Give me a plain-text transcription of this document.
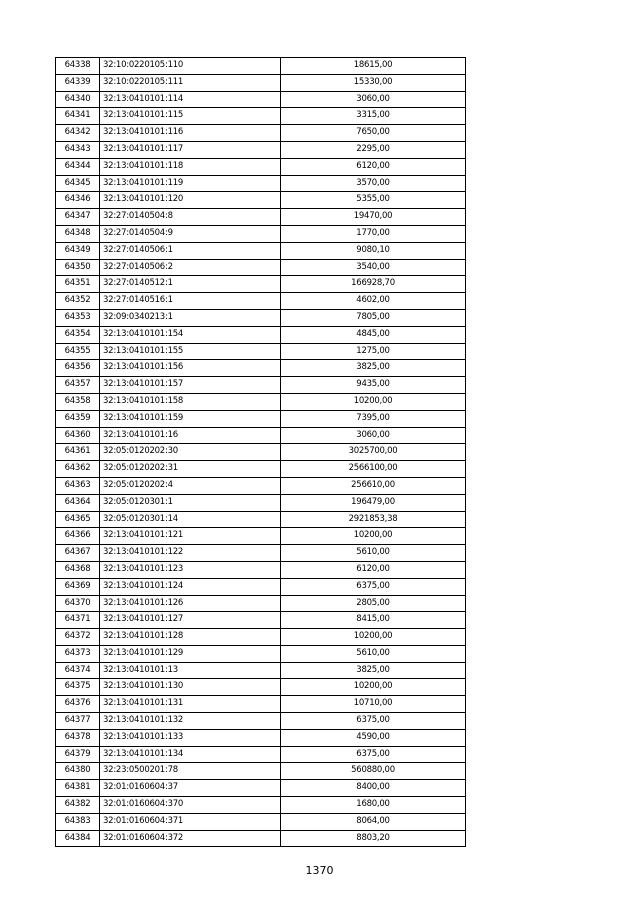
64338	32:10:0220105:110	18615,00
64339	32:10:0220105:111	15330,00
64340	32:13:0410101:114	3060,00
64341	32:13:0410101:115	3315,00
64342	32:13:0410101:116	7650,00
64343	32:13:0410101:117	2295,00
64344	32:13:0410101:118	6120,00
64345	32:13:0410101:119	3570,00
64346	32:13:0410101:120	5355,00
64347	32:27:0140504:8	19470,00
64348	32:27:0140504:9	1770,00
64349	32:27:0140506:1	9080,10
64350	32:27:0140506:2	3540,00
64351	32:27:0140512:1	166928,70
64352	32:27:0140516:1	4602,00
64353	32:09:0340213:1	7805,00
64354	32:13:0410101:154	4845,00
64355	32:13:0410101:155	1275,00
64356	32:13:0410101:156	3825,00
64357	32:13:0410101:157	9435,00
64358	32:13:0410101:158	10200,00
64359	32:13:0410101:159	7395,00
64360	32:13:0410101:16	3060,00
64361	32:05:0120202:30	3025700,00
64362	32:05:0120202:31	2566100,00
64363	32:05:0120202:4	256610,00
64364	32:05:0120301:1	196479,00
64365	32:05:0120301:14	2921853,38
64366	32:13:0410101:121	10200,00
64367	32:13:0410101:122	5610,00
64368	32:13:0410101:123	6120,00
64369	32:13:0410101:124	6375,00
64370	32:13:0410101:126	2805,00
64371	32:13:0410101:127	8415,00
64372	32:13:0410101:128	10200,00
64373	32:13:0410101:129	5610,00
64374	32:13:0410101:13	3825,00
64375	32:13:0410101:130	10200,00
64376	32:13:0410101:131	10710,00
64377	32:13:0410101:132	6375,00
64378	32:13:0410101:133	4590,00
64379	32:13:0410101:134	6375,00
64380	32:23:0500201:78	560880,00
64381	32:01:0160604:37	8400,00
64382	32:01:0160604:370	1680,00
64383	32:01:0160604:371	8064,00
64384	32:01:0160604:372	8803,20
1370
